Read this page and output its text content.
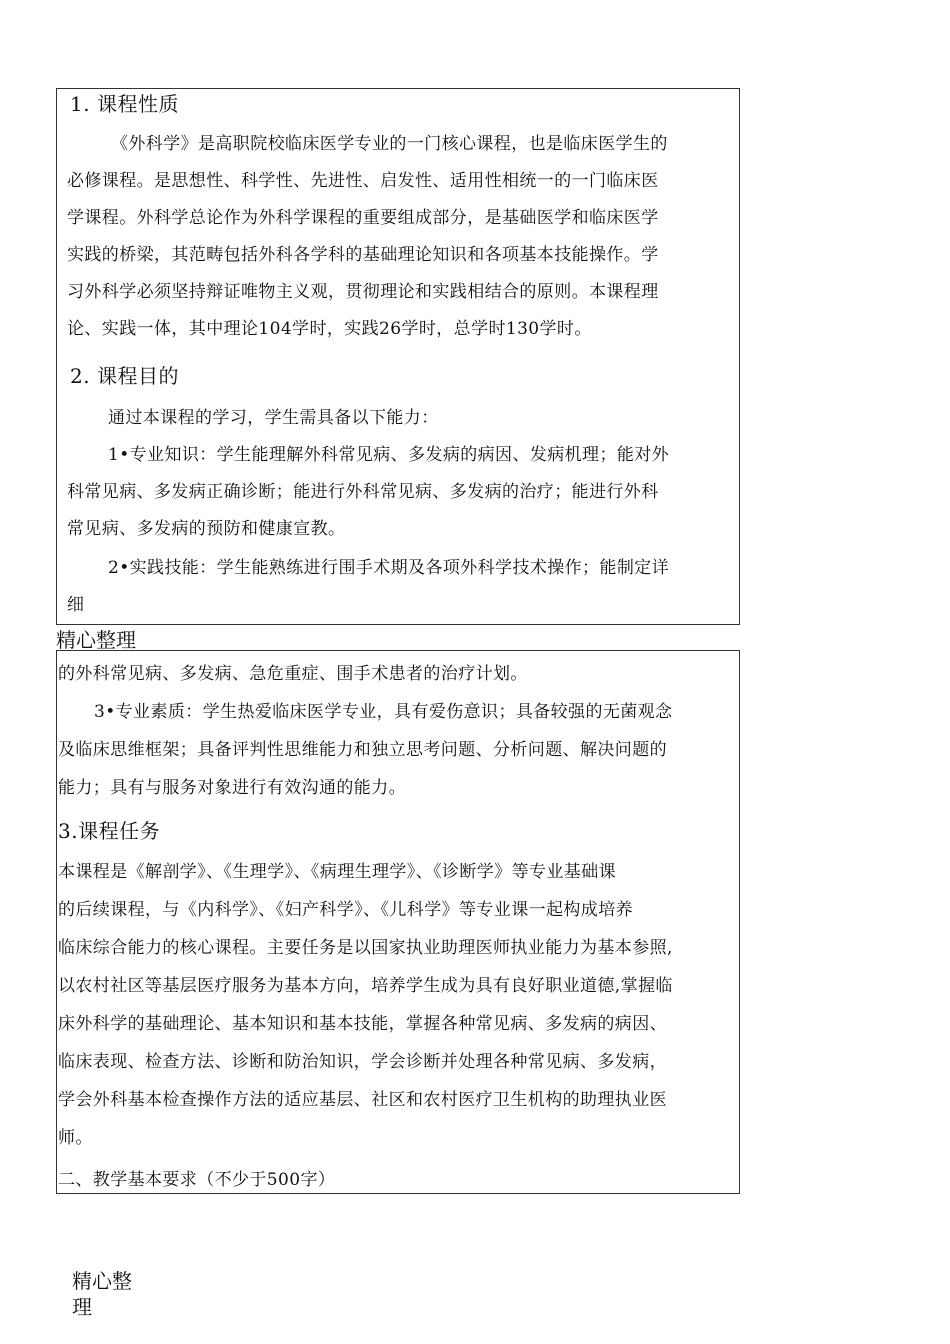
1. 课程性质
《外科学》是高职院校临床医学专业的一门核心课程，也是临床医学生的
必修课程。是思想性、科学性、先进性、启发性、适用性相统一的一门临床医
学课程。外科学总论作为外科学课程的重要组成部分，是基础医学和临床医学
实践的桥梁，其范畴包括外科各学科的基础理论知识和各项基本技能操作。学
习外科学必须坚持辩证唯物主义观，贯彻理论和实践相结合的原则。本课程理
论、实践一体，其中理论104学时，实践26学时，总学时130学时。
2. 课程目的
通过本课程的学习，学生需具备以下能力：
1•专业知识：学生能理解外科常见病、多发病的病因、发病机理；能对外
科常见病、多发病正确诊断；能进行外科常见病、多发病的治疗；能进行外科
常见病、多发病的预防和健康宣教。
2•实践技能：学生能熟练进行围手术期及各项外科学技术操作；能制定详
细
精心整理
的外科常见病、多发病、急危重症、围手术患者的治疗计划。
3•专业素质：学生热爱临床医学专业，具有爱伤意识；具备较强的无菌观念
及临床思维框架；具备评判性思维能力和独立思考问题、分析问题、解决问题的
能力；具有与服务对象进行有效沟通的能力。
3.课程任务
本课程是《解剖学》、《生理学》、《病理生理学》、《诊断学》等专业基础课
的后续课程，与《内科学》、《妇产科学》、《儿科学》等专业课一起构成培养
临床综合能力的核心课程。主要任务是以国家执业助理医师执业能力为基本参照,
以农村社区等基层医疗服务为基本方向，培养学生成为具有良好职业道德,掌握临
床外科学的基础理论、基本知识和基本技能，掌握各种常见病、多发病的病因、
临床表现、检查方法、诊断和防治知识，学会诊断并处理各种常见病、多发病，
学会外科基本检查操作方法的适应基层、社区和农村医疗卫生机构的助理执业医
师。
二、教学基本要求（不少于500字）
精心整
理
